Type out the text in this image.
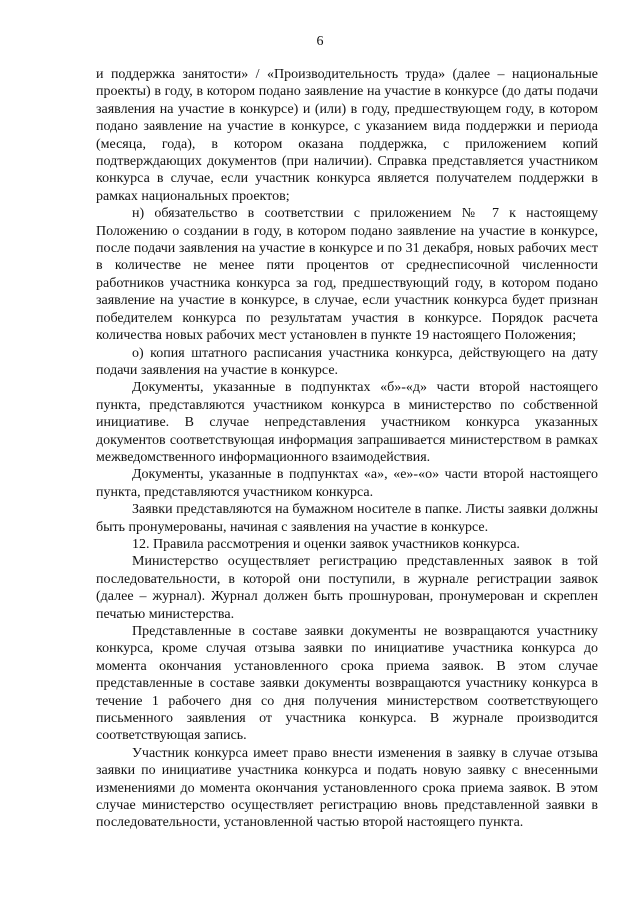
6

и поддержка занятости» / «Производительность труда» (далее – национальные проекты) в году, в котором подано заявление на участие в конкурсе (до даты подачи заявления на участие в конкурсе) и (или) в году, предшествующем году, в котором подано заявление на участие в конкурсе, с указанием вида поддержки и периода (месяца, года), в котором оказана поддержка, с приложением копий подтверждающих документов (при наличии). Справка представляется участником конкурса в случае, если участник конкурса является получателем поддержки в рамках национальных проектов;

н) обязательство в соответствии с приложением № 7 к настоящему Положению о создании в году, в котором подано заявление на участие в конкурсе, после подачи заявления на участие в конкурсе и по 31 декабря, новых рабочих мест в количестве не менее пяти процентов от среднесписочной численности работников участника конкурса за год, предшествующий году, в котором подано заявление на участие в конкурсе, в случае, если участник конкурса будет признан победителем конкурса по результатам участия в конкурсе. Порядок расчета количества новых рабочих мест установлен в пункте 19 настоящего Положения;

о) копия штатного расписания участника конкурса, действующего на дату подачи заявления на участие в конкурсе.

Документы, указанные в подпунктах «б»-«д» части второй настоящего пункта, представляются участником конкурса в министерство по собственной инициативе. В случае непредставления участником конкурса указанных документов соответствующая информация запрашивается министерством в рамках межведомственного информационного взаимодействия.

Документы, указанные в подпунктах «а», «е»-«о» части второй настоящего пункта, представляются участником конкурса.

Заявки представляются на бумажном носителе в папке. Листы заявки должны быть пронумерованы, начиная с заявления на участие в конкурсе.

12. Правила рассмотрения и оценки заявок участников конкурса.

Министерство осуществляет регистрацию представленных заявок в той последовательности, в которой они поступили, в журнале регистрации заявок (далее – журнал). Журнал должен быть прошнурован, пронумерован и скреплен печатью министерства.

Представленные в составе заявки документы не возвращаются участнику конкурса, кроме случая отзыва заявки по инициативе участника конкурса до момента окончания установленного срока приема заявок. В этом случае представленные в составе заявки документы возвращаются участнику конкурса в течение 1 рабочего дня со дня получения министерством соответствующего письменного заявления от участника конкурса. В журнале производится соответствующая запись.

Участник конкурса имеет право внести изменения в заявку в случае отзыва заявки по инициативе участника конкурса и подать новую заявку с внесенными изменениями до момента окончания установленного срока приема заявок. В этом случае министерство осуществляет регистрацию вновь представленной заявки в последовательности, установленной частью второй настоящего пункта.
